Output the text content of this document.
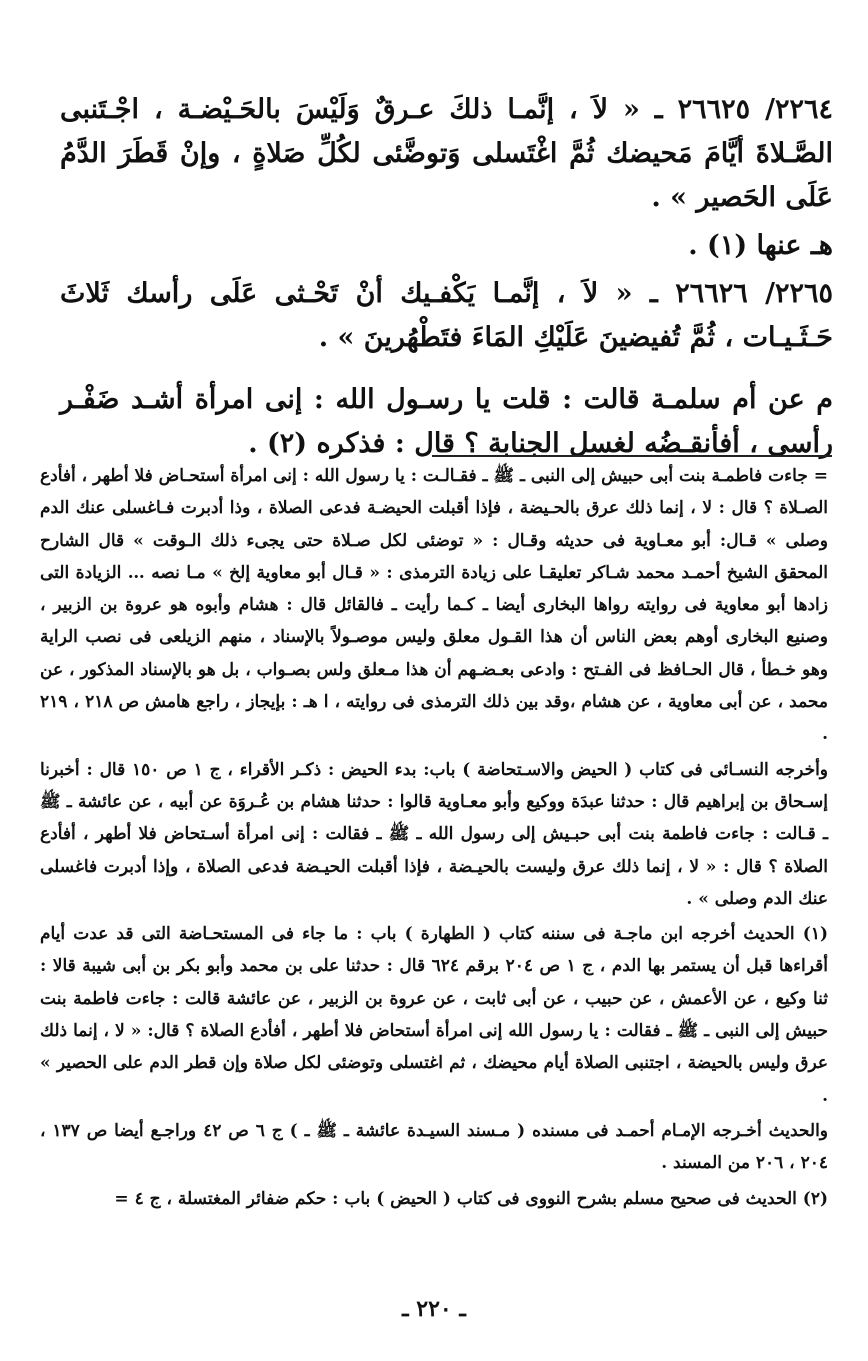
٢٢٦٤/ ٢٦٦٢٥ ـ « لاَ ، إنَّمـا ذلكَ عـرقٌ وَلَيْسَ بالحَـيْضـة ، اجْـتَنبى الصَّـلاةَ أيَّامَ مَحيضك ثُمَّ اغْتَسلى وَتوضَّئى لكُلِّ صَلاةٍ ، وإنْ قَطَرَ الدَّمُ عَلَى الحَصير » .

هـ عنها (١) .

٢٢٦٥/ ٢٦٦٢٦ ـ « لاَ ، إنَّمـا يَكْفـيك أنْ تَحْـثى عَلَى رأسك ثَلاثَ حَـثَـيـات ، ثُمَّ تُفيضينَ عَلَيْكِ المَاءَ فتَطْهُرينَ » .

م عن أم سلمـة قالت : قلت يا رسـول الله : إنى امرأة أشـد ضَفْـر رأسى ، أفأنقـضُه لغسل الجنابة ؟ قال : فذكره (٢) .

= جاءت فاطمـة بنت أبى حبيش إلى النبى ـ ﷺ ـ فقـالـت : يا رسول الله : إنى امرأة أستحـاض فلا أطهر ، أفأدع الصـلاة ؟ قال : لا ، إنما ذلك عرق بالحـيضة ، فإذا أقبلت الحيضـة فدعى الصلاة ، وذا أدبرت فـاغسلى عنك الدم وصلى » قـال: أبو معـاوية فى حديثه وقـال : « توضئى لكل صـلاة حتى يجىء ذلك الـوقت » قال الشارح المحقق الشيخ أحمـد محمد شـاكر تعليقـا على زيادة الترمذى : « قـال أبو معاوية إلخ » مـا نصه … الزيادة التى زادها أبو معاوية فى روايته رواها البخارى أيضا ـ كـما رأيت ـ فالقائل قال : هشام وأبوه هو عروة بن الزبير ، وصنيع البخارى أوهم بعض الناس أن هذا القـول معلق وليس موصـولاً بالإسناد ، منهم الزيلعى فى نصب الراية وهو خـطأ ، قال الحـافظ فى الفـتح : وادعى بعـضـهم أن هذا مـعلق ولس بصـواب ، بل هو بالإسناد المذكور ، عن محمد ، عن أبى معاوية ، عن هشام ،وقد بين ذلك الترمذى فى روايته ، ا هـ : بإيجاز ، راجع هامش ص ٢١٨ ، ٢١٩ .

وأخرجه النسـائى فى كتاب ( الحيض والاسـتحاضة ) باب: بدء الحيض : ذكـر الأقراء ، ج ١ ص ١٥٠ قال : أخبرنا إسـحاق بن إبراهيم قال : حدثنا عبدَة ووكيع وأبو معـاوية قالوا : حدثنا هشام بن عُـروَة عن أبيه ، عن عائشة ـ ﷺ ـ قـالت : جاءت فاطمة بنت أبى حبـيش إلى رسول الله ـ ﷺ ـ فقالت : إنى امرأة أسـتحاض فلا أطهر ، أفأدع الصلاة ؟ قال : « لا ، إنما ذلك عرق وليست بالحيـضة ، فإذا أقبلت الحيـضة فدعى الصلاة ، وإذا أدبرت فاغسلى عنك الدم وصلى » .

(١) الحديث أخرجه ابن ماجـة فى سننه كتاب ( الطهارة ) باب : ما جاء فى المستحـاضة التى قد عدت أيام أقراءها قبل أن يستمر بها الدم ، ج ١ ص ٢٠٤ برقم ٦٢٤ قال : حدثنا على بن محمد وأبو بكر بن أبى شيبة قالا : ثنا وكيع ، عن الأعمش ، عن حبيب ، عن أبى ثابت ، عن عروة بن الزبير ، عن عائشة قالت : جاءت فاطمة بنت حبيش إلى النبى ـ ﷺ ـ فقالت : يا رسول الله إنى امرأة أستحاض فلا أطهر ، أفأدع الصلاة ؟ قال: « لا ، إنما ذلك عرق وليس بالحيضة ، اجتنبى الصلاة أيام محيضك ، ثم اغتسلى وتوضئى لكل صلاة وإن قطر الدم على الحصير » .

والحديث أخـرجه الإمـام أحمـد فى مسنده ( مـسند السيـدة عائشة ـ ﷺ ـ ) ج ٦ ص ٤٢ وراجـع أيضا ص ١٣٧ ، ٢٠٤ ، ٢٠٦ من المسند .

(٢) الحديث فى صحيح مسلم بشرح النووى فى كتاب ( الحيض ) باب : حكم ضفائر المغتسلة ، ج ٤ =

ـ ٢٢٠ ـ
